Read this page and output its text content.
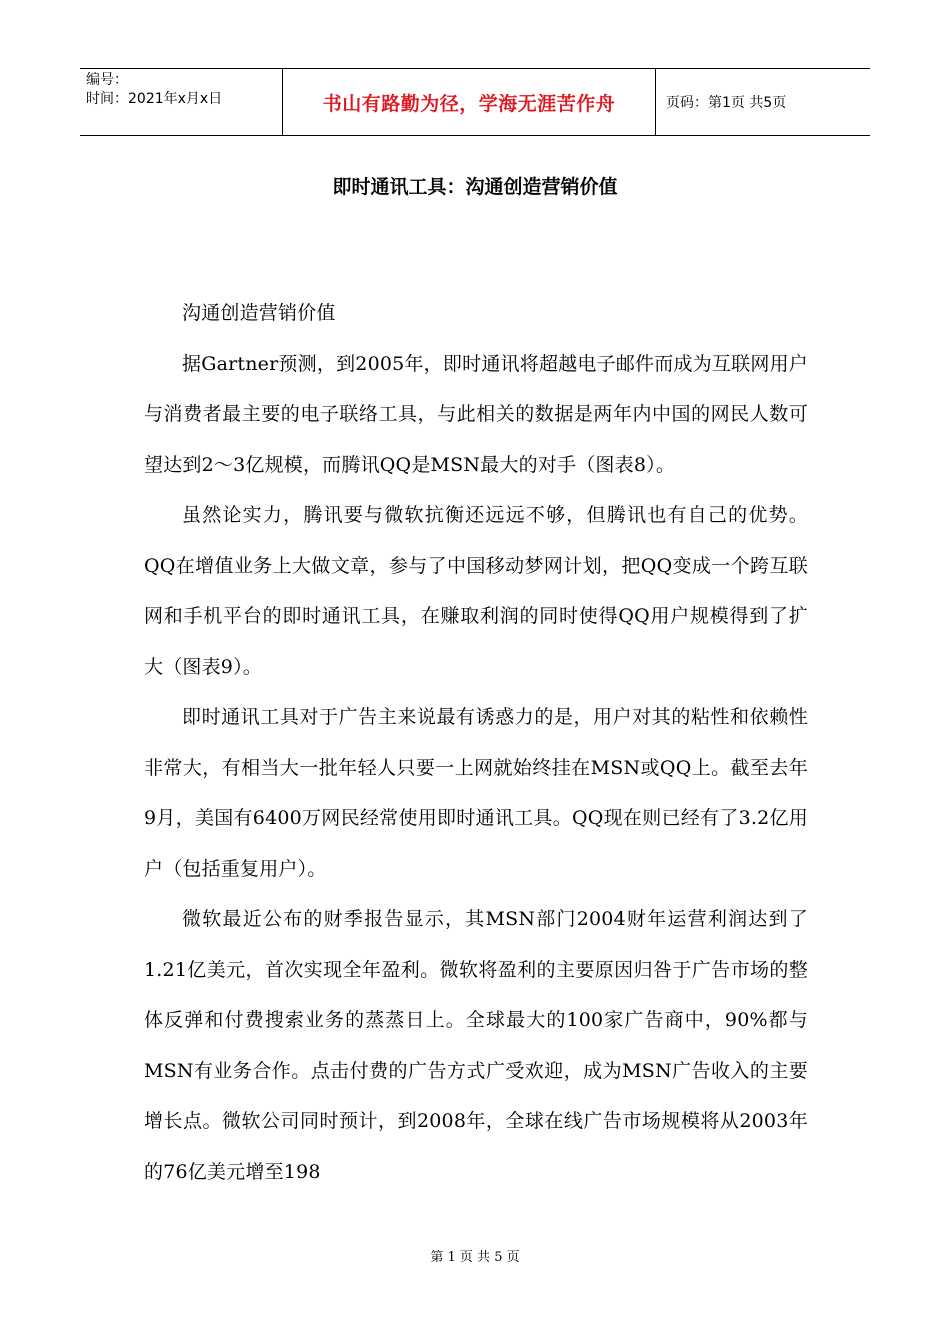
编号：
时间：2021年x月x日	书山有路勤为径，学海无涯苦作舟	页码：第1页 共5页
即时通讯工具：沟通创造营销价值

沟通创造营销价值

据Gartner预测，到2005年，即时通讯将超越电子邮件而成为互联网用户与消费者最主要的电子联络工具，与此相关的数据是两年内中国的网民人数可望达到2～3亿规模，而腾讯QQ是MSN最大的对手（图表8）。

虽然论实力，腾讯要与微软抗衡还远远不够，但腾讯也有自己的优势。QQ在增值业务上大做文章，参与了中国移动梦网计划，把QQ变成一个跨互联网和手机平台的即时通讯工具，在赚取利润的同时使得QQ用户规模得到了扩大（图表9）。

即时通讯工具对于广告主来说最有诱惑力的是，用户对其的粘性和依赖性非常大，有相当大一批年轻人只要一上网就始终挂在MSN或QQ上。截至去年9月，美国有6400万网民经常使用即时通讯工具。QQ现在则已经有了3.2亿用户（包括重复用户）。

微软最近公布的财季报告显示，其MSN部门2004财年运营利润达到了1.21亿美元，首次实现全年盈利。微软将盈利的主要原因归咎于广告市场的整体反弹和付费搜索业务的蒸蒸日上。全球最大的100家广告商中，90%都与MSN有业务合作。点击付费的广告方式广受欢迎，成为MSN广告收入的主要增长点。微软公司同时预计，到2008年，全球在线广告市场规模将从2003年的76亿美元增至198

第 1 页 共 5 页
